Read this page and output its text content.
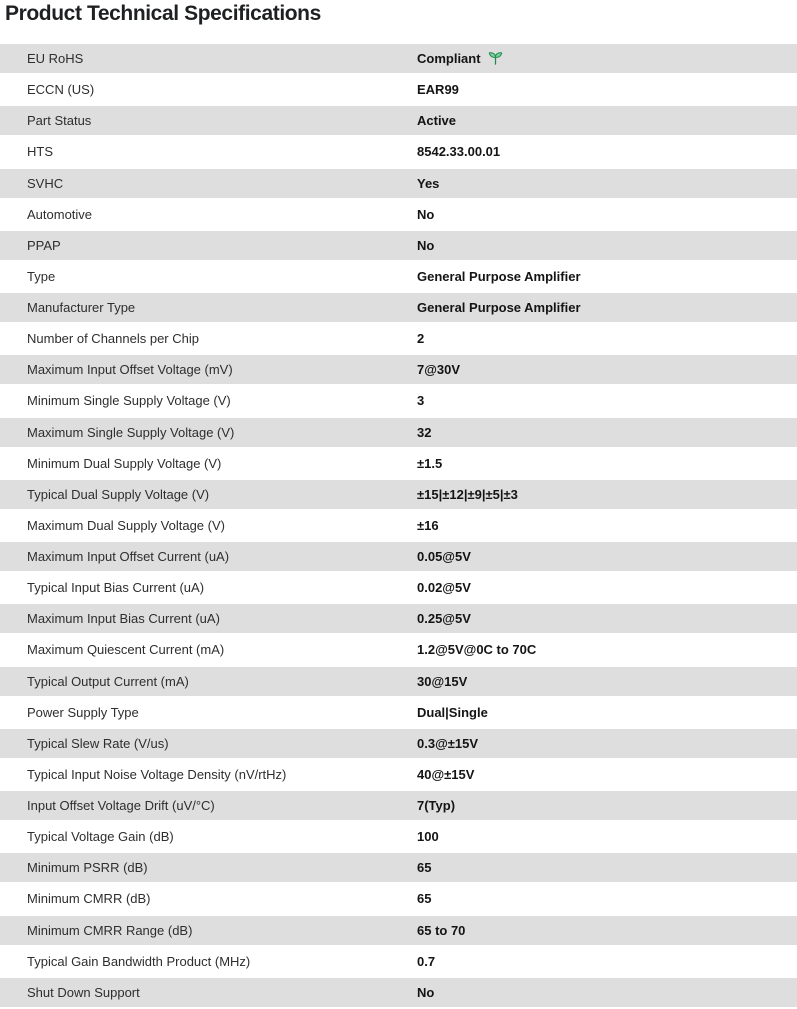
Product Technical Specifications
EU RoHS	Compliant
ECCN (US)	EAR99
Part Status	Active
HTS	8542.33.00.01
SVHC	Yes
Automotive	No
PPAP	No
Type	General Purpose Amplifier
Manufacturer Type	General Purpose Amplifier
Number of Channels per Chip	2
Maximum Input Offset Voltage (mV)	7@30V
Minimum Single Supply Voltage (V)	3
Maximum Single Supply Voltage (V)	32
Minimum Dual Supply Voltage (V)	±1.5
Typical Dual Supply Voltage (V)	±15|±12|±9|±5|±3
Maximum Dual Supply Voltage (V)	±16
Maximum Input Offset Current (uA)	0.05@5V
Typical Input Bias Current (uA)	0.02@5V
Maximum Input Bias Current (uA)	0.25@5V
Maximum Quiescent Current (mA)	1.2@5V@0C to 70C
Typical Output Current (mA)	30@15V
Power Supply Type	Dual|Single
Typical Slew Rate (V/us)	0.3@±15V
Typical Input Noise Voltage Density (nV/rtHz)	40@±15V
Input Offset Voltage Drift (uV/°C)	7(Typ)
Typical Voltage Gain (dB)	100
Minimum PSRR (dB)	65
Minimum CMRR (dB)	65
Minimum CMRR Range (dB)	65 to 70
Typical Gain Bandwidth Product (MHz)	0.7
Shut Down Support	No
